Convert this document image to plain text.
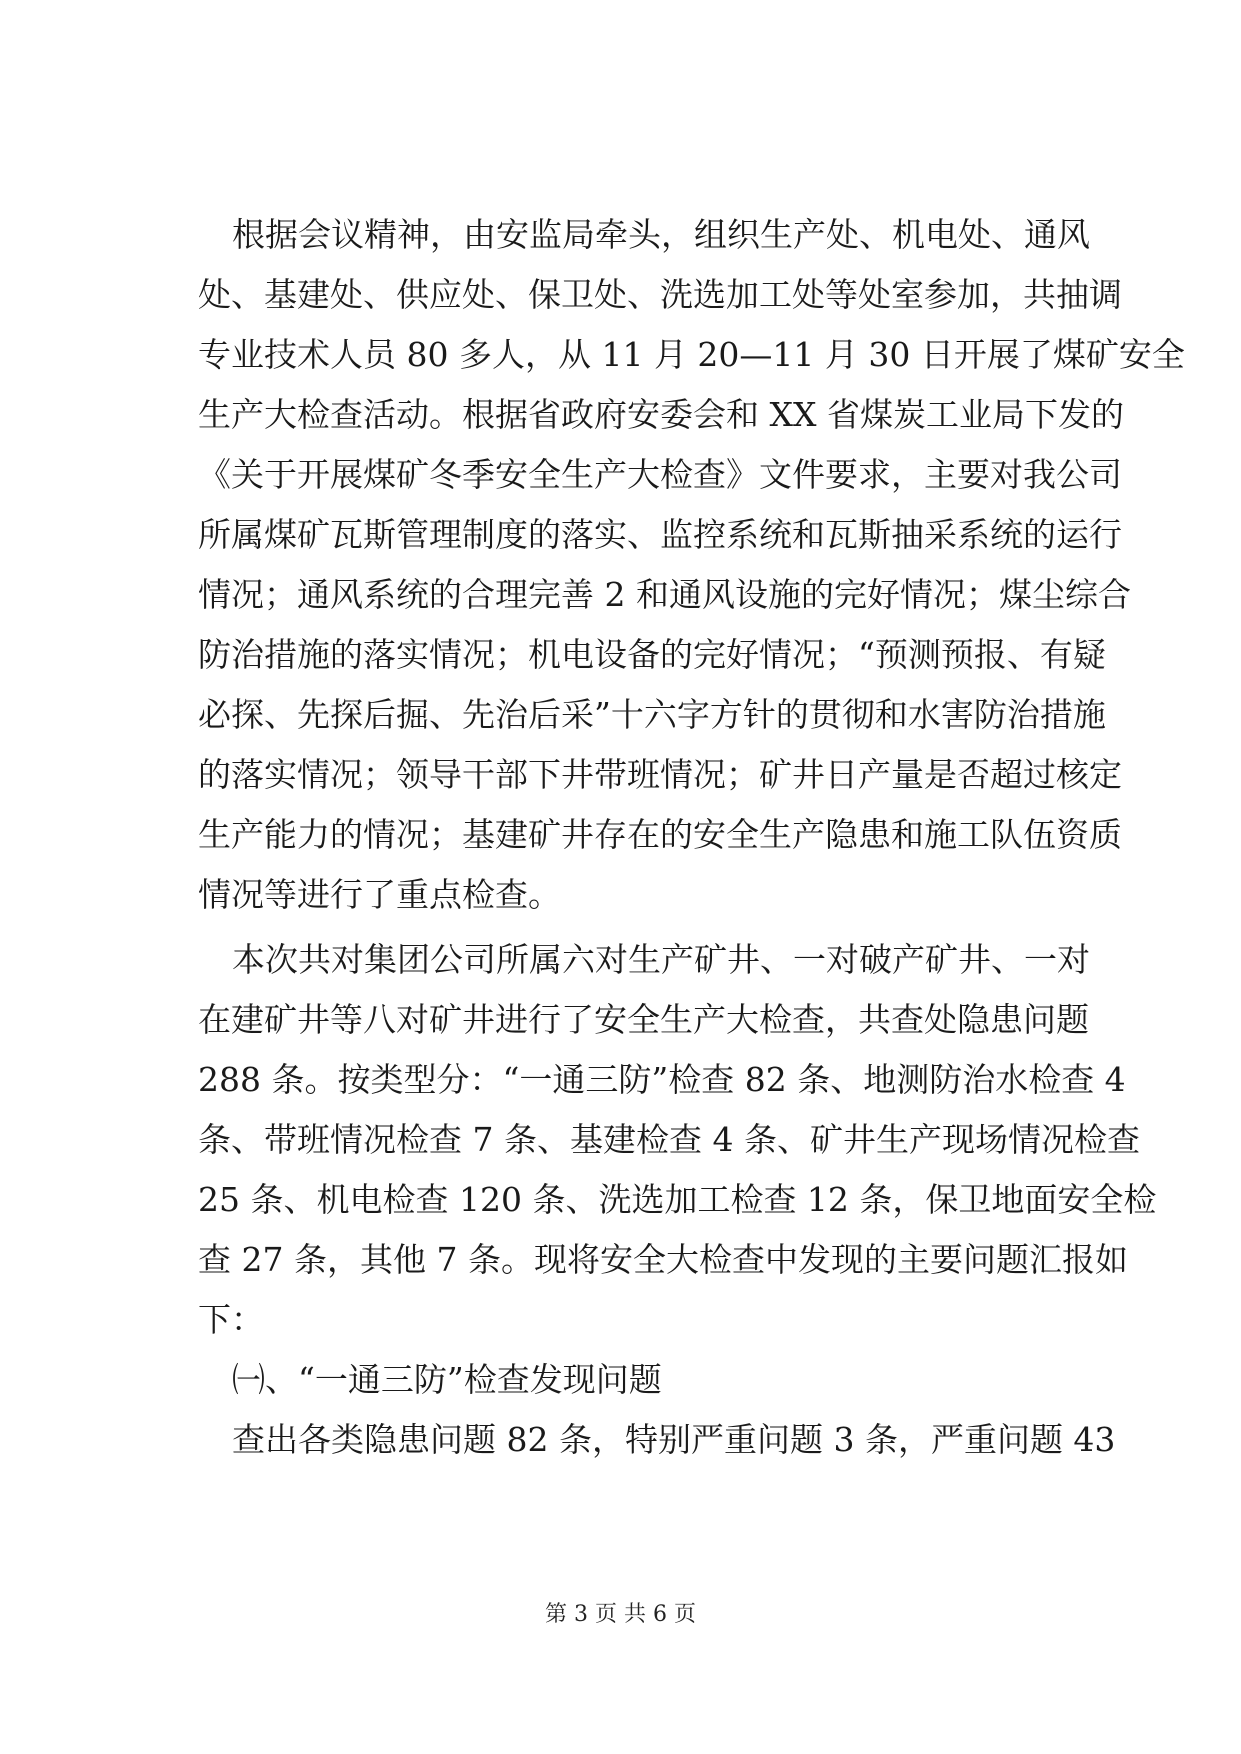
根据会议精神，由安监局牵头，组织生产处、机电处、通风
处、基建处、供应处、保卫处、洗选加工处等处室参加，共抽调
专业技术人员 80 多人，从 11 月 20—11 月 30 日开展了煤矿安全
生产大检查活动。根据省政府安委会和 XX 省煤炭工业局下发的
《关于开展煤矿冬季安全生产大检查》文件要求，主要对我公司
所属煤矿瓦斯管理制度的落实、监控系统和瓦斯抽采系统的运行
情况；通风系统的合理完善 2 和通风设施的完好情况；煤尘综合
防治措施的落实情况；机电设备的完好情况；“预测预报、有疑
必探、先探后掘、先治后采”十六字方针的贯彻和水害防治措施
的落实情况；领导干部下井带班情况；矿井日产量是否超过核定
生产能力的情况；基建矿井存在的安全生产隐患和施工队伍资质
情况等进行了重点检查。
本次共对集团公司所属六对生产矿井、一对破产矿井、一对
在建矿井等八对矿井进行了安全生产大检查，共查处隐患问题
288 条。按类型分：“一通三防”检查 82 条、地测防治水检查 4
条、带班情况检查 7 条、基建检查 4 条、矿井生产现场情况检查
25 条、机电检查 120 条、洗选加工检查 12 条，保卫地面安全检
查 27 条，其他 7 条。现将安全大检查中发现的主要问题汇报如
下：
㈠、“一通三防”检查发现问题
查出各类隐患问题 82 条，特别严重问题 3 条，严重问题 43
第 3 页 共 6 页
